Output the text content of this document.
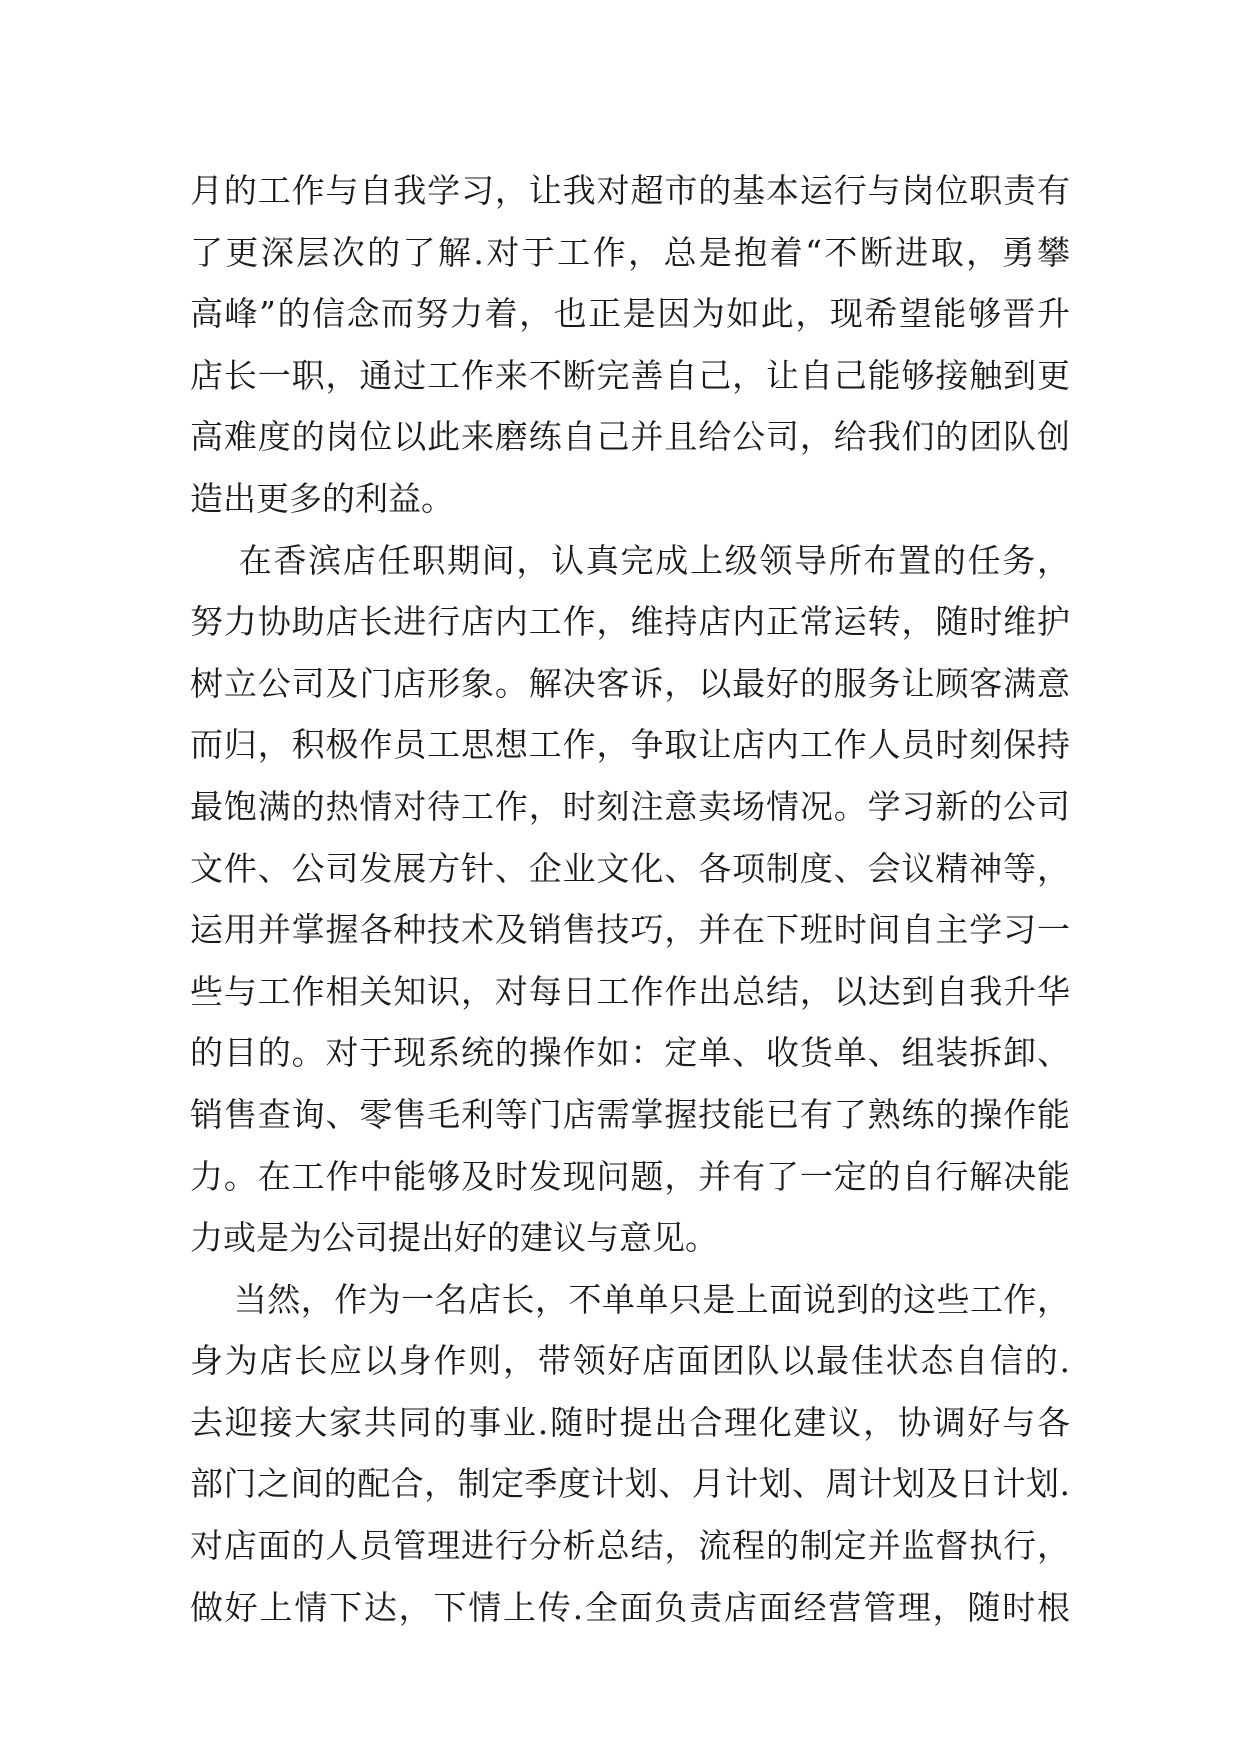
月的工作与自我学习，让我对超市的基本运行与岗位职责有
了更深层次的了解.对于工作，总是抱着“不断进取，勇攀
高峰”的信念而努力着，也正是因为如此，现希望能够晋升
店长一职，通过工作来不断完善自己，让自己能够接触到更
高难度的岗位以此来磨练自己并且给公司，给我们的团队创
造出更多的利益。
在香滨店任职期间，认真完成上级领导所布置的任务，
努力协助店长进行店内工作，维持店内正常运转，随时维护
树立公司及门店形象。解决客诉，以最好的服务让顾客满意
而归，积极作员工思想工作，争取让店内工作人员时刻保持
最饱满的热情对待工作，时刻注意卖场情况。学习新的公司
文件、公司发展方针、企业文化、各项制度、会议精神等，
运用并掌握各种技术及销售技巧，并在下班时间自主学习一
些与工作相关知识，对每日工作作出总结，以达到自我升华
的目的。对于现系统的操作如：定单、收货单、组装拆卸、
销售查询、零售毛利等门店需掌握技能已有了熟练的操作能
力。在工作中能够及时发现问题，并有了一定的自行解决能
力或是为公司提出好的建议与意见。
当然，作为一名店长，不单单只是上面说到的这些工作，
身为店长应以身作则，带领好店面团队以最佳状态自信的.
去迎接大家共同的事业.随时提出合理化建议，协调好与各
部门之间的配合，制定季度计划、月计划、周计划及日计划.
对店面的人员管理进行分析总结，流程的制定并监督执行，
做好上情下达，下情上传.全面负责店面经营管理，随时根
